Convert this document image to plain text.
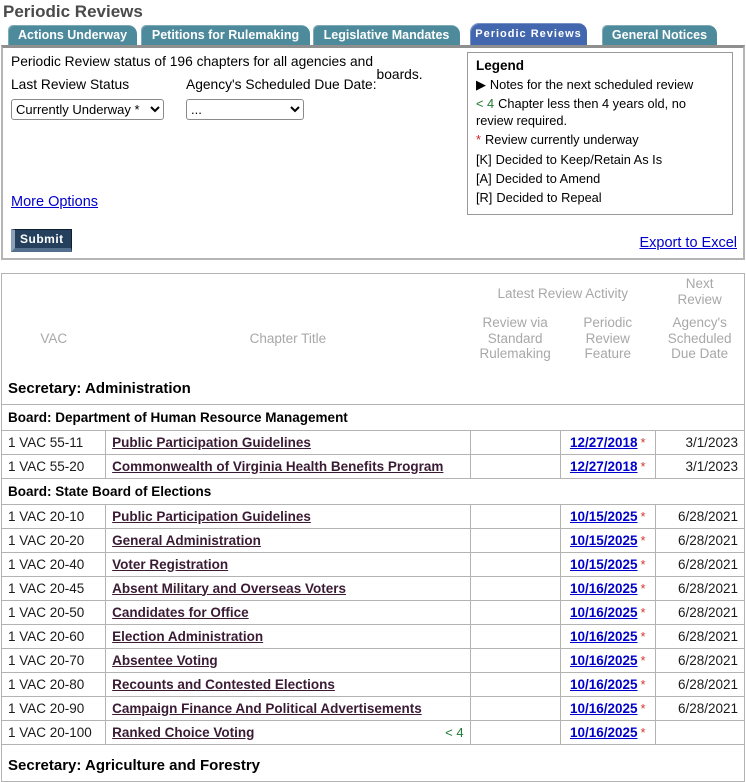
Periodic Reviews
Actions Underway	Petitions for Rulemaking	Legislative Mandates	Periodic Reviews	General Notices
Periodic Review status of 196 chapters for all agencies and
Last Review Status
Currently Underway *	Agency's Scheduled Due Date:boards.
...
More Options
Submit	Export to Excel
Legend
▶ Notes for the next scheduled review
< 4 Chapter less then 4 years old, no review required.
* Review currently underway
[K] Decided to Keep/Retain As Is
[A] Decided to Amend
[R] Decided to Repeal
		Latest Review Activity		Next Review
VAC	Chapter Title	Review via Standard Rulemaking	Periodic Review Feature	Agency's Scheduled Due Date
Secretary: Administration				
Board: Department of Human Resource Management				
1 VAC 55-11	Public Participation Guidelines		12/27/2018 *	3/1/2023
1 VAC 55-20	Commonwealth of Virginia Health Benefits Program		12/27/2018 *	3/1/2023
Board: State Board of Elections				
1 VAC 20-10	Public Participation Guidelines		10/15/2025 *	6/28/2021
1 VAC 20-20	General Administration		10/15/2025 *	6/28/2021
1 VAC 20-40	Voter Registration		10/15/2025 *	6/28/2021
1 VAC 20-45	Absent Military and Overseas Voters		10/16/2025 *	6/28/2021
1 VAC 20-50	Candidates for Office		10/16/2025 *	6/28/2021
1 VAC 20-60	Election Administration		10/16/2025 *	6/28/2021
1 VAC 20-70	Absentee Voting		10/16/2025 *	6/28/2021
1 VAC 20-80	Recounts and Contested Elections		10/16/2025 *	6/28/2021
1 VAC 20-90	Campaign Finance And Political Advertisements		10/16/2025 *	6/28/2021
1 VAC 20-100	Ranked Choice Voting < 4		10/16/2025 *	
Secretary: Agriculture and Forestry				
